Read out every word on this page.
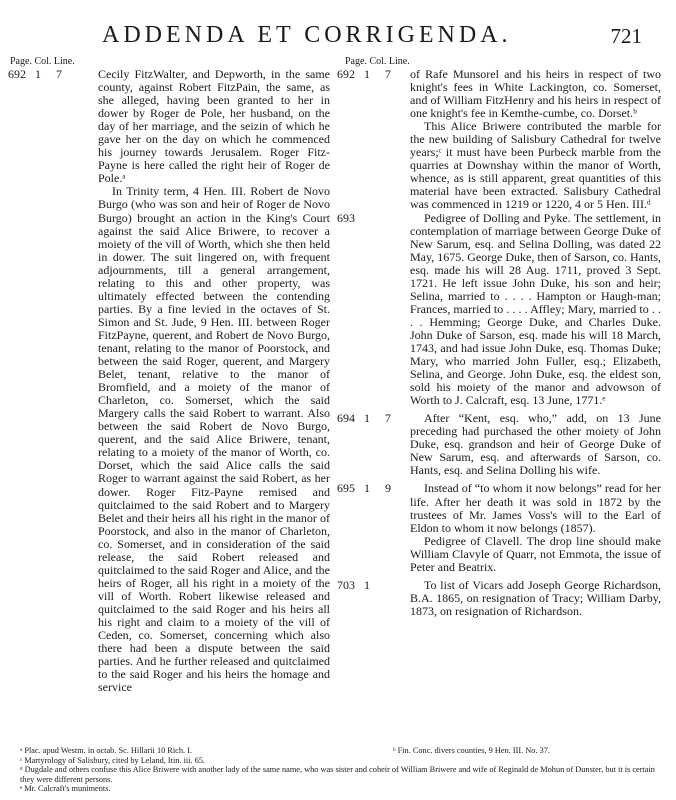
ADDENDA ET CORRIGENDA.	721
Page. Col. Line.
692   1     7	Cecily FitzWalter, and Depworth, in the same county, against Robert FitzPain, the same, as she alleged, having been granted to her in dower by Roger de Pole, her husband, on the day of her marriage, and the seizin of which he gave her on the day on which he commenced his journey towards Jerusalem. Roger Fitz-Payne is here called the right heir of Roger de Pole.ᵃ

In Trinity term, 4 Hen. III. Robert de Novo Burgo (who was son and heir of Roger de Novo Burgo) brought an action in the King's Court against the said Alice Briwere, to recover a moiety of the vill of Worth, which she then held in dower. The suit lingered on, with frequent adjournments, till a general arrangement, relating to this and other property, was ultimately effected between the contending parties. By a fine levied in the octaves of St. Simon and St. Jude, 9 Hen. III. between Roger FitzPayne, querent, and Robert de Novo Burgo, tenant, relating to the manor of Poorstock, and between the said Roger, querent, and Margery Belet, tenant, relative to the manor of Bromfield, and a moiety of the manor of Charleton, co. Somerset, which the said Margery calls the said Robert to warrant. Also between the said Robert de Novo Burgo, querent, and the said Alice Briwere, tenant, relating to a moiety of the manor of Worth, co. Dorset, which the said Alice calls the said Roger to warrant against the said Robert, as her dower. Roger Fitz-Payne remised and quitclaimed to the said Robert and to Margery Belet and their heirs all his right in the manor of Poorstock, and also in the manor of Charleton, co. Somerset, and in consideration of the said release, the said Robert released and quitclaimed to the said Roger and Alice, and the heirs of Roger, all his right in a moiety of the vill of Worth. Robert likewise released and quitclaimed to the said Roger and his heirs all his right and claim to a moiety of the vill of Ceden, co. Somerset, concerning which also there had been a dispute between the said parties. And he further released and quitclaimed to the said Roger and his heirs the homage and service

Page. Col. Line.
692   1     7 of Rafe Munsorel and his heirs in respect of two knight's fees in White Lackington, co. Somerset, and of William FitzHenry and his heirs in respect of one knight's fee in Kemthe-cumbe, co. Dorset.ᵇ

This Alice Briwere contributed the marble for the new building of Salisbury Cathedral for twelve years;ᶜ it must have been Purbeck marble from the quarries at Downshay within the manor of Worth, whence, as is still apparent, great quantities of this material have been extracted. Salisbury Cathedral was commenced in 1219 or 1220, 4 or 5 Hen. III.ᵈ

693	Pedigree of Dolling and Pyke. The settlement, in contemplation of marriage between George Duke of New Sarum, esq. and Selina Dolling, was dated 22 May, 1675. George Duke, then of Sarson, co. Hants, esq. made his will 28 Aug. 1711, proved 3 Sept. 1721. He left issue John Duke, his son and heir; Selina, married to . . . . Hampton or Haugh-man; Frances, married to . . . . Affley; Mary, married to . . . . Hemming; George Duke, and Charles Duke. John Duke of Sarson, esq. made his will 18 March, 1743, and had issue John Duke, esq. Thomas Duke; Mary, who married John Fuller, esq.; Elizabeth, Selina, and George. John Duke, esq. the eldest son, sold his moiety of the manor and advowson of Worth to J. Calcraft, esq. 13 June, 1771.ᵉ

694   1     7	After “Kent, esq. who,” add, on 13 June preceding had purchased the other moiety of John Duke, esq. grandson and heir of George Duke of New Sarum, esq. and afterwards of Sarson, co. Hants, esq. and Selina Dolling his wife.

695   1     9	Instead of “to whom it now belongs” read for her life. After her death it was sold in 1872 by the trustees of Mr. James Voss's will to the Earl of Eldon to whom it now belongs (1857).

Pedigree of Clavell. The drop line should make William Clavyle of Quarr, not Emmota, the issue of Peter and Beatrix.

703   1	To list of Vicars add Joseph George Richardson, B.A. 1865, on resignation of Tracy; William Darby, 1873, on resignation of Richardson.

ᵃ Plac. apud Westm. in octab. Sc. Hillarii 10 Rich. I.	ᵇ Fin. Conc. divers counties, 9 Hen. III. No. 37.
ᶜ Martyrology of Salisbury, cited by Leland, Itin. iii. 65.
ᵈ Dugdale and others confuse this Alice Briwere with another lady of the same name, who was sister and coheir of William Briwere and wife of Reginald de Mohun of Dunster, but it is certain they were different persons.
ᵉ Mr. Calcraft's muniments.
